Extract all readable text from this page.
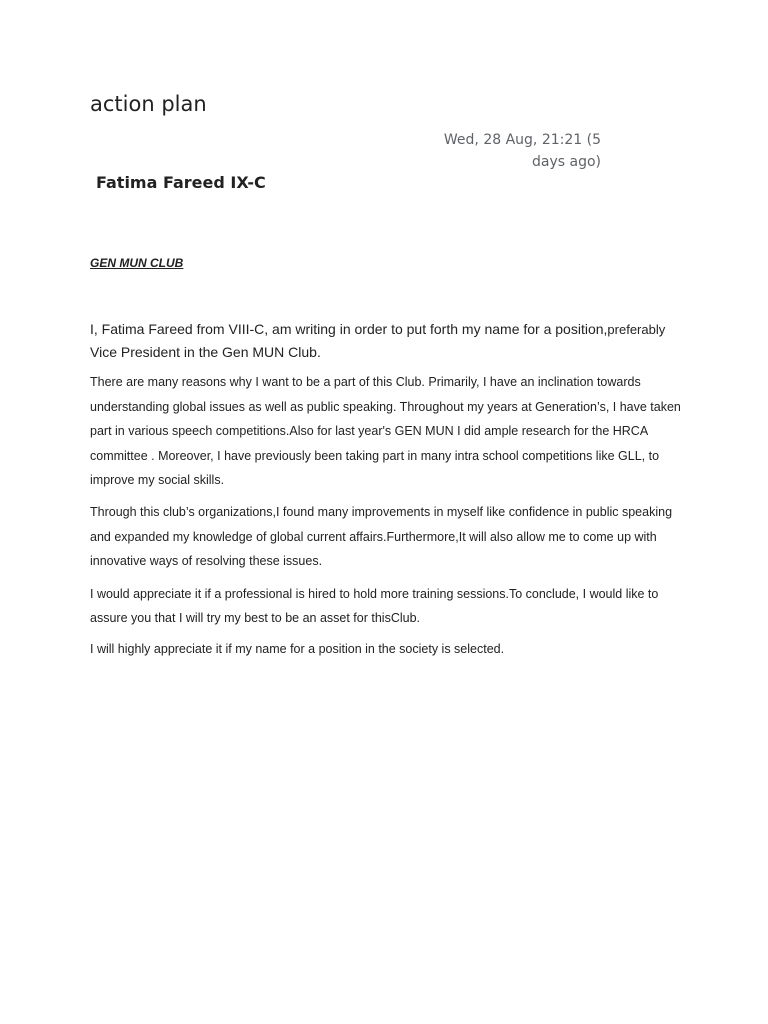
action plan
Wed, 28 Aug, 21:21 (5 days ago)
Fatima Fareed IX-C
GEN MUN CLUB
I, Fatima Fareed from VIII-C, am writing in order to put forth my name for a position,preferably
Vice President in the Gen MUN Club.

There are many reasons why I want to be a part of this Club. Primarily, I have an inclination towards understanding global issues as well as public speaking. Throughout my years at Generation’s, I have taken part in various speech competitions.Also for last year's GEN MUN I did ample research for the HRCA committee . Moreover, I have previously been taking part in many intra school competitions like GLL, to improve my social skills.

Through this club’s organizations,I found many improvements in myself like confidence in public speaking and expanded my knowledge of global current affairs.Furthermore,It will also allow me to come up with innovative ways of resolving these issues.

I would appreciate it if a professional is hired to hold more training sessions.To conclude, I would like to assure you that I will try my best to be an asset for thisClub.

I will highly appreciate it if my name for a position in the society is selected.
